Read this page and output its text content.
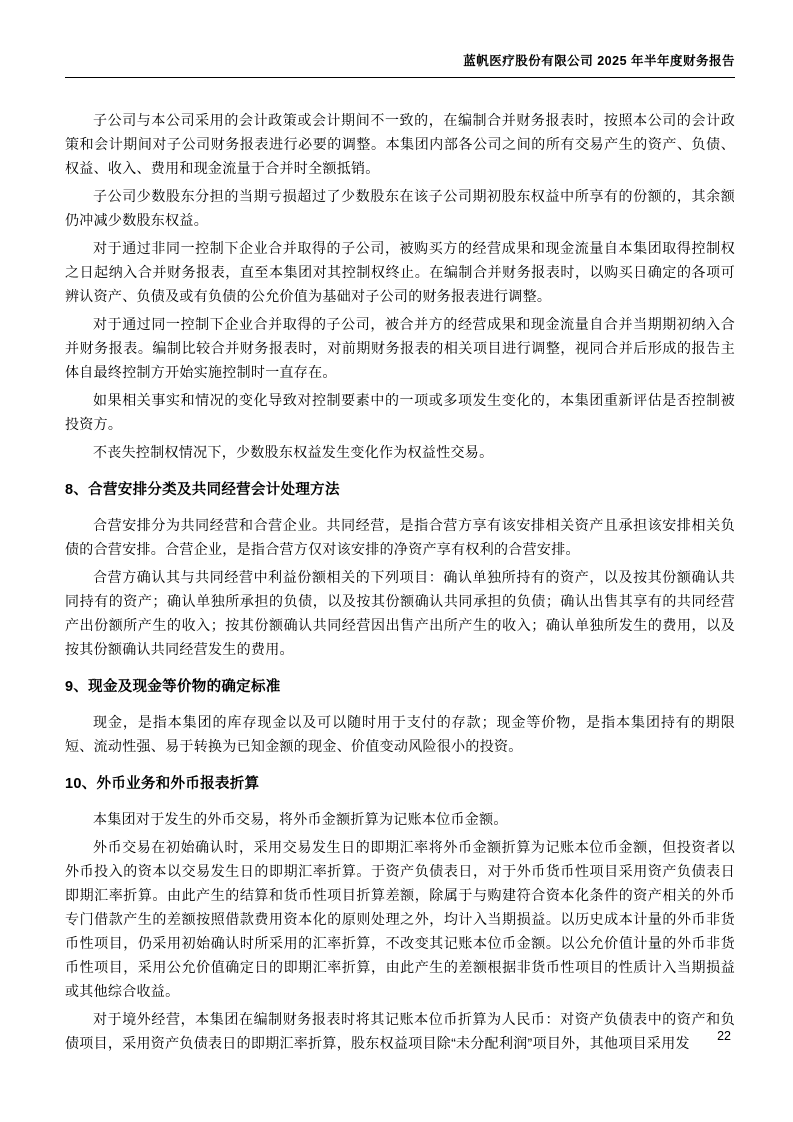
蓝帆医疗股份有限公司 2025 年半年度财务报告

子公司与本公司采用的会计政策或会计期间不一致的，在编制合并财务报表时，按照本公司的会计政策和会计期间对子公司财务报表进行必要的调整。本集团内部各公司之间的所有交易产生的资产、负债、权益、收入、费用和现金流量于合并时全额抵销。

子公司少数股东分担的当期亏损超过了少数股东在该子公司期初股东权益中所享有的份额的，其余额仍冲减少数股东权益。

对于通过非同一控制下企业合并取得的子公司，被购买方的经营成果和现金流量自本集团取得控制权之日起纳入合并财务报表，直至本集团对其控制权终止。在编制合并财务报表时，以购买日确定的各项可辨认资产、负债及或有负债的公允价值为基础对子公司的财务报表进行调整。

对于通过同一控制下企业合并取得的子公司，被合并方的经营成果和现金流量自合并当期期初纳入合并财务报表。编制比较合并财务报表时，对前期财务报表的相关项目进行调整，视同合并后形成的报告主体自最终控制方开始实施控制时一直存在。

如果相关事实和情况的变化导致对控制要素中的一项或多项发生变化的，本集团重新评估是否控制被投资方。

不丧失控制权情况下，少数股东权益发生变化作为权益性交易。

8、合营安排分类及共同经营会计处理方法

合营安排分为共同经营和合营企业。共同经营，是指合营方享有该安排相关资产且承担该安排相关负债的合营安排。合营企业，是指合营方仅对该安排的净资产享有权利的合营安排。

合营方确认其与共同经营中利益份额相关的下列项目：确认单独所持有的资产，以及按其份额确认共同持有的资产；确认单独所承担的负债，以及按其份额确认共同承担的负债；确认出售其享有的共同经营产出份额所产生的收入；按其份额确认共同经营因出售产出所产生的收入；确认单独所发生的费用，以及按其份额确认共同经营发生的费用。

9、现金及现金等价物的确定标准

现金，是指本集团的库存现金以及可以随时用于支付的存款；现金等价物，是指本集团持有的期限短、流动性强、易于转换为已知金额的现金、价值变动风险很小的投资。

10、外币业务和外币报表折算

本集团对于发生的外币交易，将外币金额折算为记账本位币金额。

外币交易在初始确认时，采用交易发生日的即期汇率将外币金额折算为记账本位币金额，但投资者以外币投入的资本以交易发生日的即期汇率折算。于资产负债表日，对于外币货币性项目采用资产负债表日即期汇率折算。由此产生的结算和货币性项目折算差额，除属于与购建符合资本化条件的资产相关的外币专门借款产生的差额按照借款费用资本化的原则处理之外，均计入当期损益。以历史成本计量的外币非货币性项目，仍采用初始确认时所采用的汇率折算，不改变其记账本位币金额。以公允价值计量的外币非货币性项目，采用公允价值确定日的即期汇率折算，由此产生的差额根据非货币性项目的性质计入当期损益或其他综合收益。

对于境外经营，本集团在编制财务报表时将其记账本位币折算为人民币：对资产负债表中的资产和负债项目，采用资产负债表日的即期汇率折算，股东权益项目除“未分配利润”项目外，其他项目采用发	22
